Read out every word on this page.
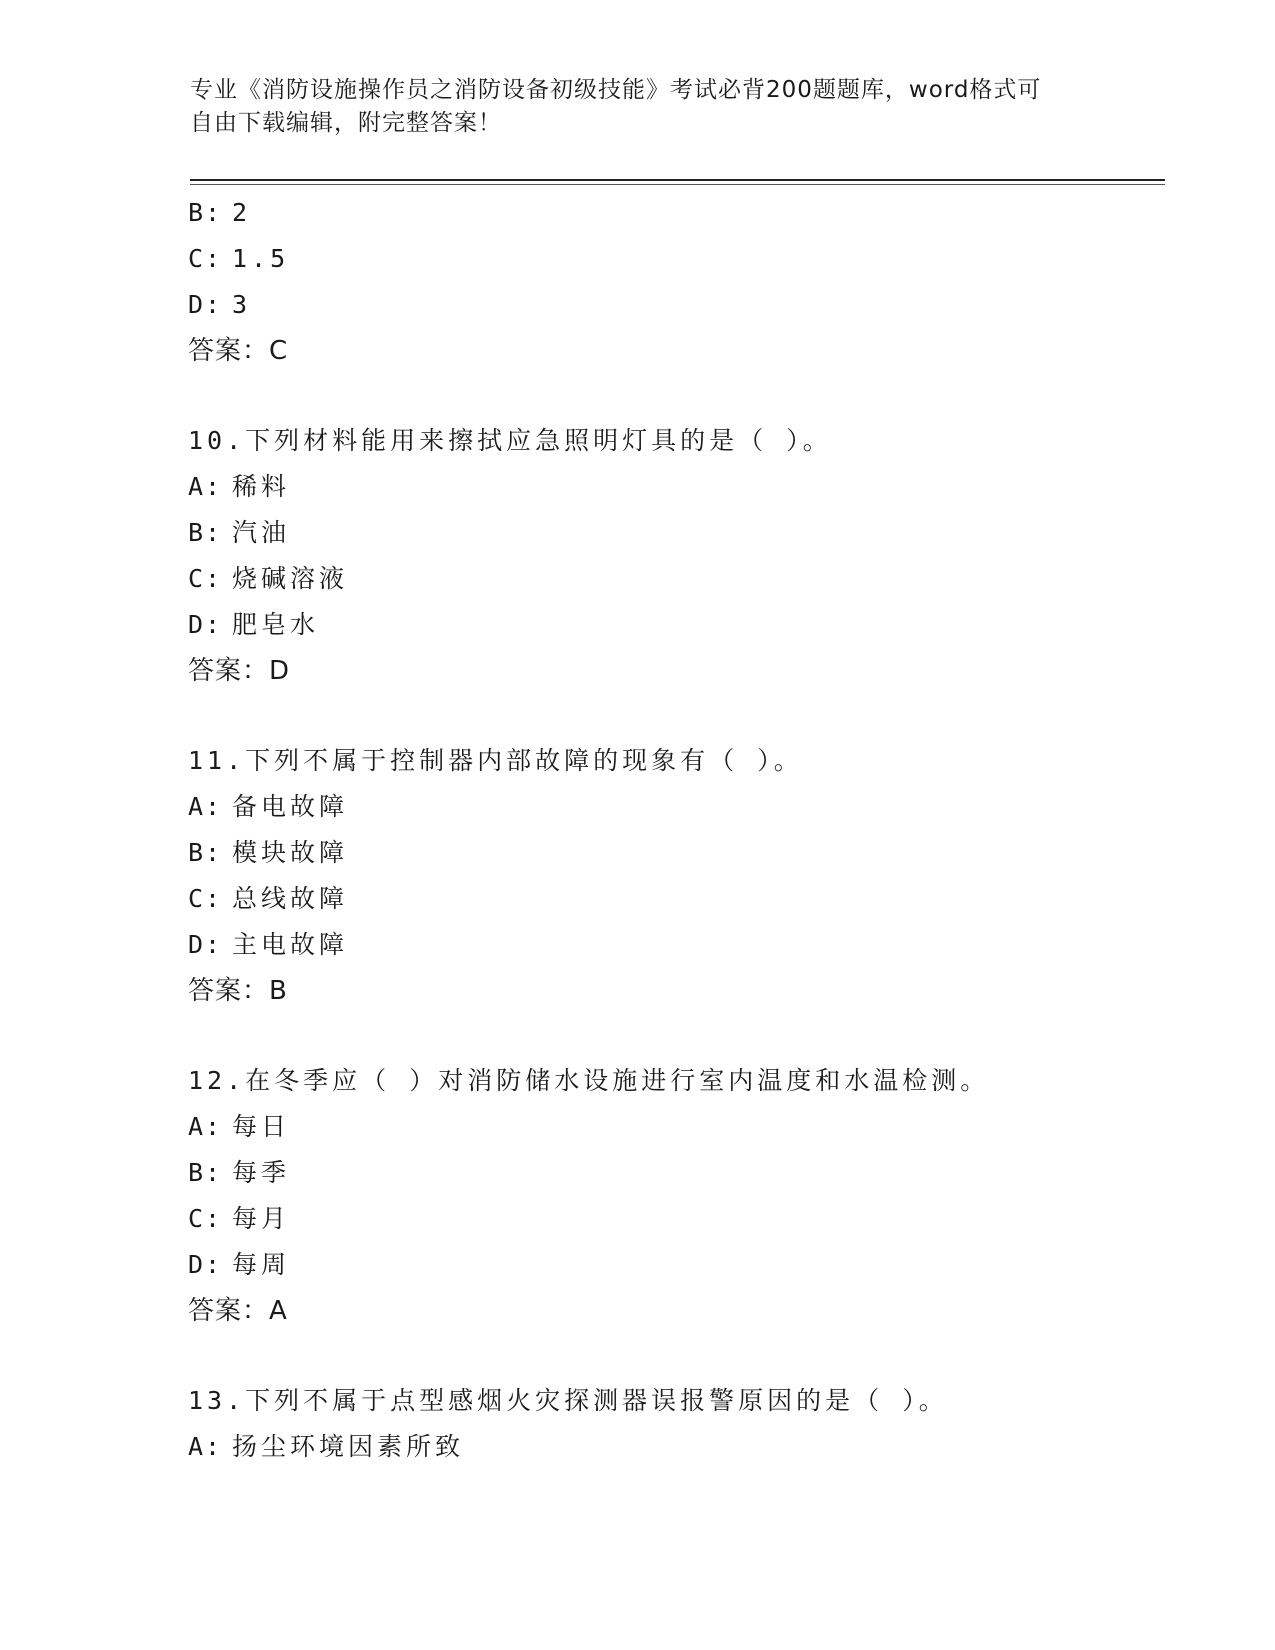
专业《消防设施操作员之消防设备初级技能》考试必背200题题库，word格式可
自由下载编辑，附完整答案！
B: 2
C: 1.5
D: 3
答案：C
10.下列材料能用来擦拭应急照明灯具的是（ ）。
A: 稀料
B: 汽油
C: 烧碱溶液
D: 肥皂水
答案：D
11.下列不属于控制器内部故障的现象有（ ）。
A: 备电故障
B: 模块故障
C: 总线故障
D: 主电故障
答案：B
12.在冬季应（ ）对消防储水设施进行室内温度和水温检测。
A: 每日
B: 每季
C: 每月
D: 每周
答案：A
13.下列不属于点型感烟火灾探测器误报警原因的是（ ）。
A: 扬尘环境因素所致
